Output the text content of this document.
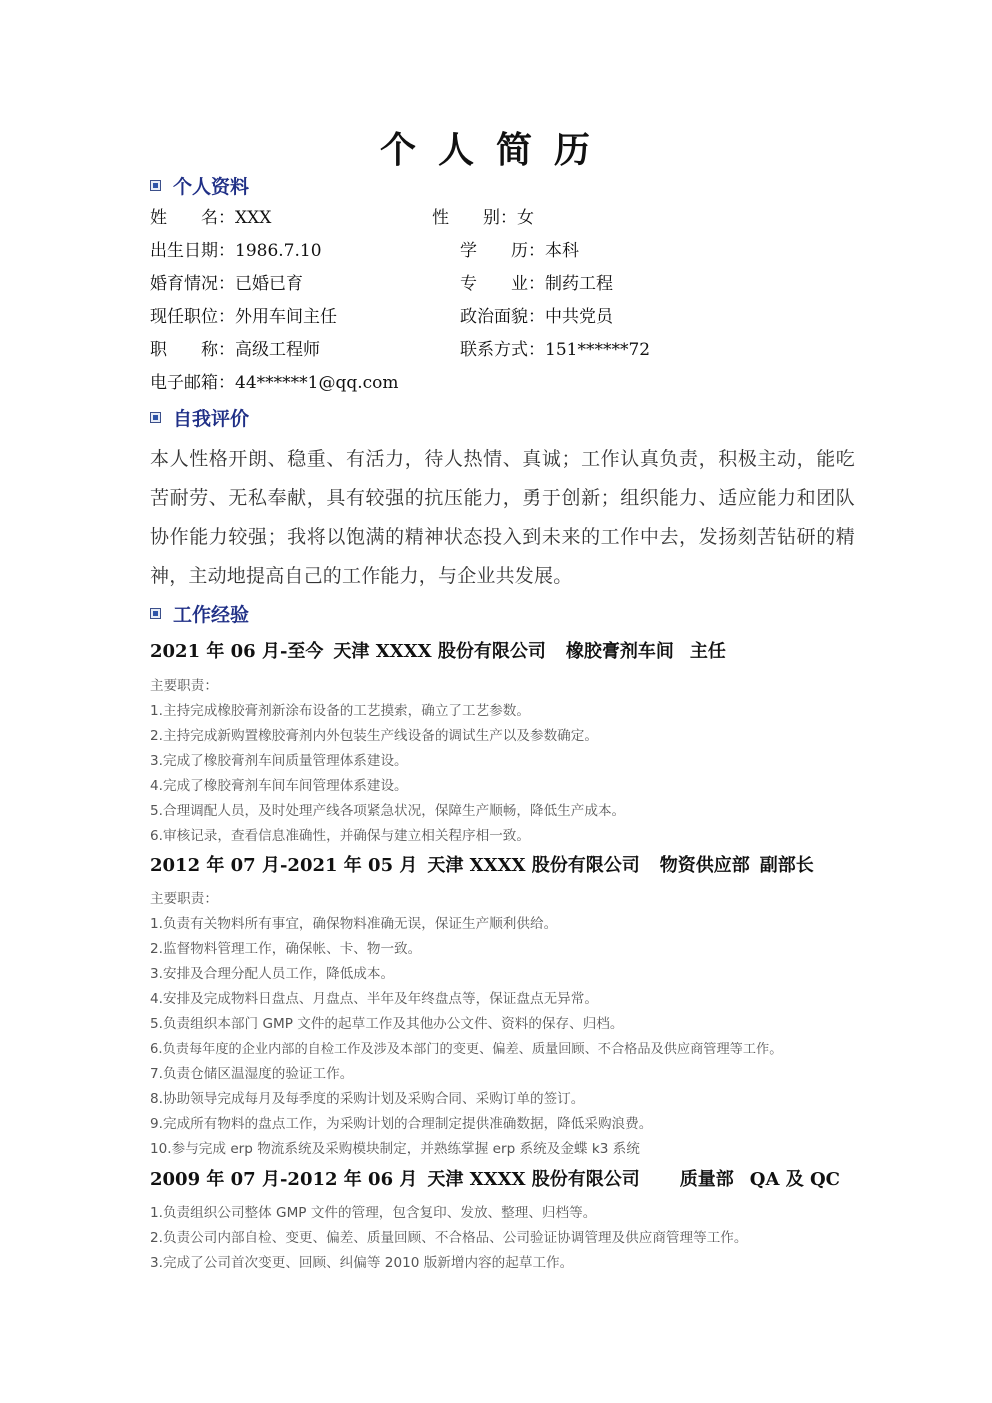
个人简历
个人资料
姓　　名：XXX	性　　别：女
出生日期：1986.7.10	学　　历：本科
婚育情况：已婚已育	专　　业：制药工程
现任职位：外用车间主任	政治面貌：中共党员
职　　称：高级工程师	联系方式：151******72
电子邮箱：44******1@qq.com
自我评价
本人性格开朗、稳重、有活力，待人热情、真诚；工作认真负责，积极主动，能吃苦耐劳、无私奉献，具有较强的抗压能力，勇于创新；组织能力、适应能力和团队协作能力较强；我将以饱满的精神状态投入到未来的工作中去，发扬刻苦钻研的精神，主动地提高自己的工作能力，与企业共发展。
工作经验
2021 年 06 月-至今 天津 XXXX 股份有限公司 橡胶膏剂车间 主任
主要职责：
1.主持完成橡胶膏剂新涂布设备的工艺摸索，确立了工艺参数。
2.主持完成新购置橡胶膏剂内外包装生产线设备的调试生产以及参数确定。
3.完成了橡胶膏剂车间质量管理体系建设。
4.完成了橡胶膏剂车间车间管理体系建设。
5.合理调配人员，及时处理产线各项紧急状况，保障生产顺畅，降低生产成本。
6.审核记录，查看信息准确性，并确保与建立相关程序相一致。
2012 年 07 月-2021 年 05 月 天津 XXXX 股份有限公司 物资供应部 副部长
主要职责：
1.负责有关物料所有事宜，确保物料准确无误，保证生产顺利供给。
2.监督物料管理工作，确保帐、卡、物一致。
3.安排及合理分配人员工作，降低成本。
4.安排及完成物料日盘点、月盘点、半年及年终盘点等，保证盘点无异常。
5.负责组织本部门 GMP 文件的起草工作及其他办公文件、资料的保存、归档。
6.负责每年度的企业内部的自检工作及涉及本部门的变更、偏差、质量回顾、不合格品及供应商管理等工作。
7.负责仓储区温湿度的验证工作。
8.协助领导完成每月及每季度的采购计划及采购合同、采购订单的签订。
9.完成所有物料的盘点工作，为采购计划的合理制定提供准确数据，降低采购浪费。
10.参与完成 erp 物流系统及采购模块制定，并熟练掌握 erp 系统及金蝶 k3 系统
2009 年 07 月-2012 年 06 月 天津 XXXX 股份有限公司 质量部 QA 及 QC
1.负责组织公司整体 GMP 文件的管理，包含复印、发放、整理、归档等。
2.负责公司内部自检、变更、偏差、质量回顾、不合格品、公司验证协调管理及供应商管理等工作。
3.完成了公司首次变更、回顾、纠偏等 2010 版新增内容的起草工作。
